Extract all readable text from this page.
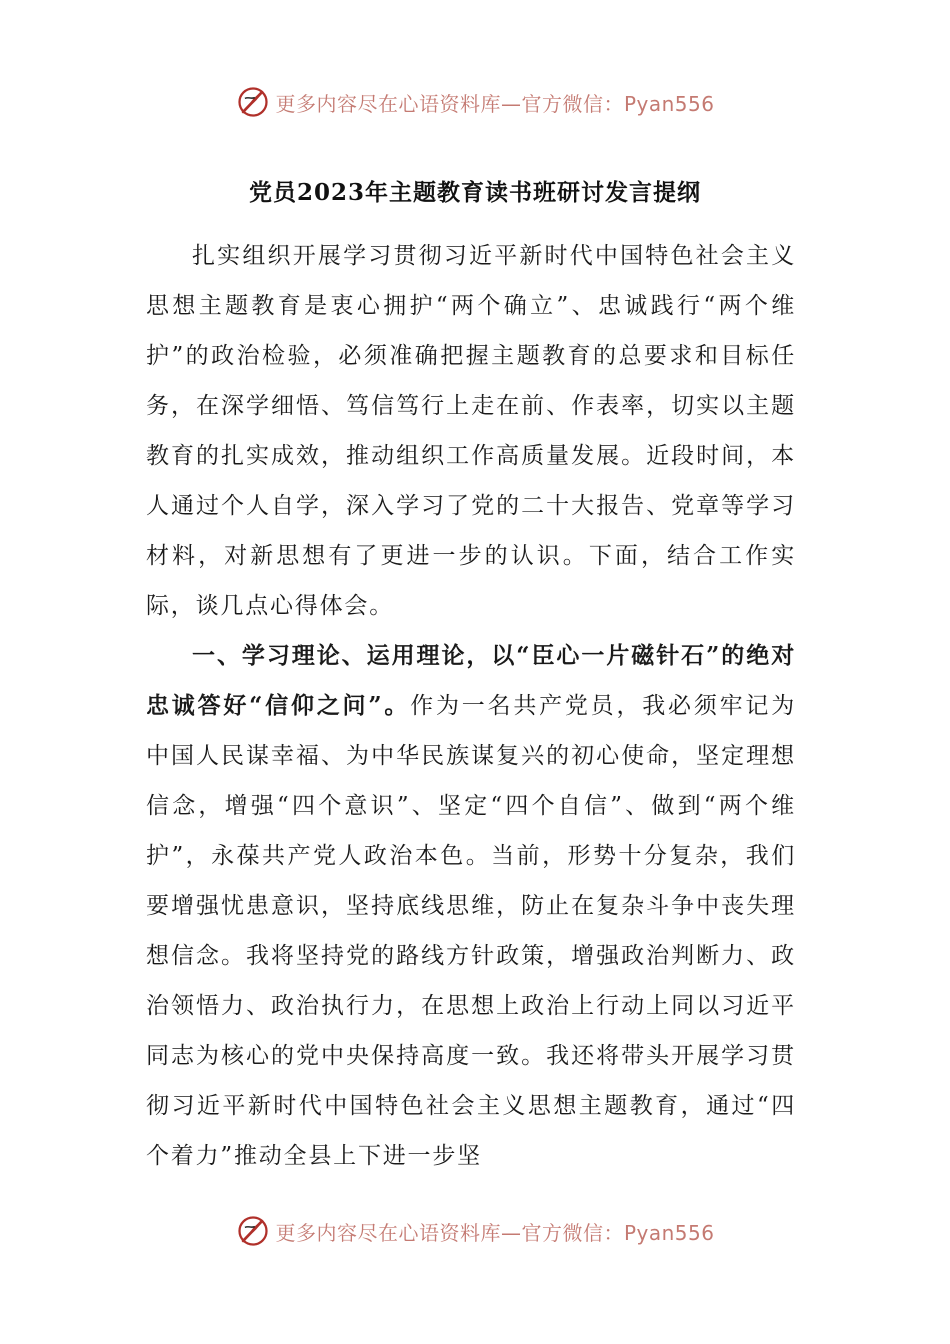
更多内容尽在心语资料库—官方微信：Pyan556
党员2023年主题教育读书班研讨发言提纲

扎实组织开展学习贯彻习近平新时代中国特色社会主义思想主题教育是衷心拥护“两个确立”、忠诚践行“两个维护”的政治检验，必须准确把握主题教育的总要求和目标任务，在深学细悟、笃信笃行上走在前、作表率，切实以主题教育的扎实成效，推动组织工作高质量发展。近段时间，本人通过个人自学，深入学习了党的二十大报告、党章等学习材料，对新思想有了更进一步的认识。下面，结合工作实际，谈几点心得体会。

一、学习理论、运用理论，以“臣心一片磁针石”的绝对忠诚答好“信仰之问”。作为一名共产党员，我必须牢记为中国人民谋幸福、为中华民族谋复兴的初心使命，坚定理想信念，增强“四个意识”、坚定“四个自信”、做到“两个维护”，永葆共产党人政治本色。当前，形势十分复杂，我们要增强忧患意识，坚持底线思维，防止在复杂斗争中丧失理想信念。我将坚持党的路线方针政策，增强政治判断力、政治领悟力、政治执行力，在思想上政治上行动上同以习近平同志为核心的党中央保持高度一致。我还将带头开展学习贯彻习近平新时代中国特色社会主义思想主题教育，通过“四个着力”推动全县上下进一步坚

更多内容尽在心语资料库—官方微信：Pyan556
